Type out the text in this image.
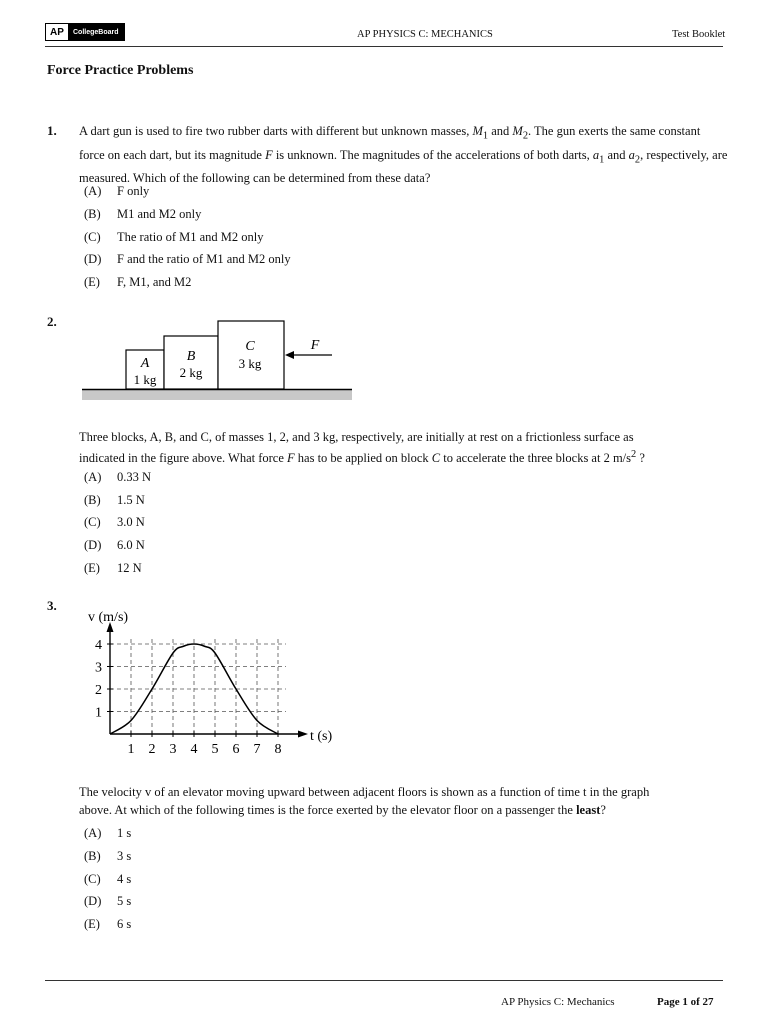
AP	CollegeBoard	AP PHYSICS C: MECHANICS	Test Booklet
Force Practice Problems
1. A dart gun is used to fire two rubber darts with different but unknown masses, $M_1$ and $M_2$. The gun exerts the same constant force on each dart, but its magnitude F is unknown. The magnitudes of the accelerations of both darts, $a_1$ and $a_2$, respectively, are measured. Which of the following can be determined from these data?
(A)	F only
(B)	M1 and M2 only
(C)	The ratio of M1 and M2 only
(D)	F and the ratio of M1 and M2 only
(E)	F, M1, and M2
2.
A
1 kg
B
2 kg
C
3 kg
F
Three blocks, A, B, and C, of masses 1, 2, and 3 kg, respectively, are initially at rest on a frictionless surface as
indicated in the figure above. What force F has to be applied on block C to accelerate the three blocks at 2 $m/s^2$ ?
(A)	0.33 N
(B)	1.5 N
(C)	3.0 N
(D)	6.0 N
(E)	12 N
3.
1 2 3 4 5 6 7 8
1
2
3
4
v (m/s)
t (s)
The velocity v of an elevator moving upward between adjacent floors is shown as a function of time t in the graph
above. At which of the following times is the force exerted by the elevator floor on a passenger the least?
(A)	1 s
(B)	3 s
(C)	4 s
(D)	5 s
(E)	6 s
AP Physics C: Mechanics	Page 1 of 27
